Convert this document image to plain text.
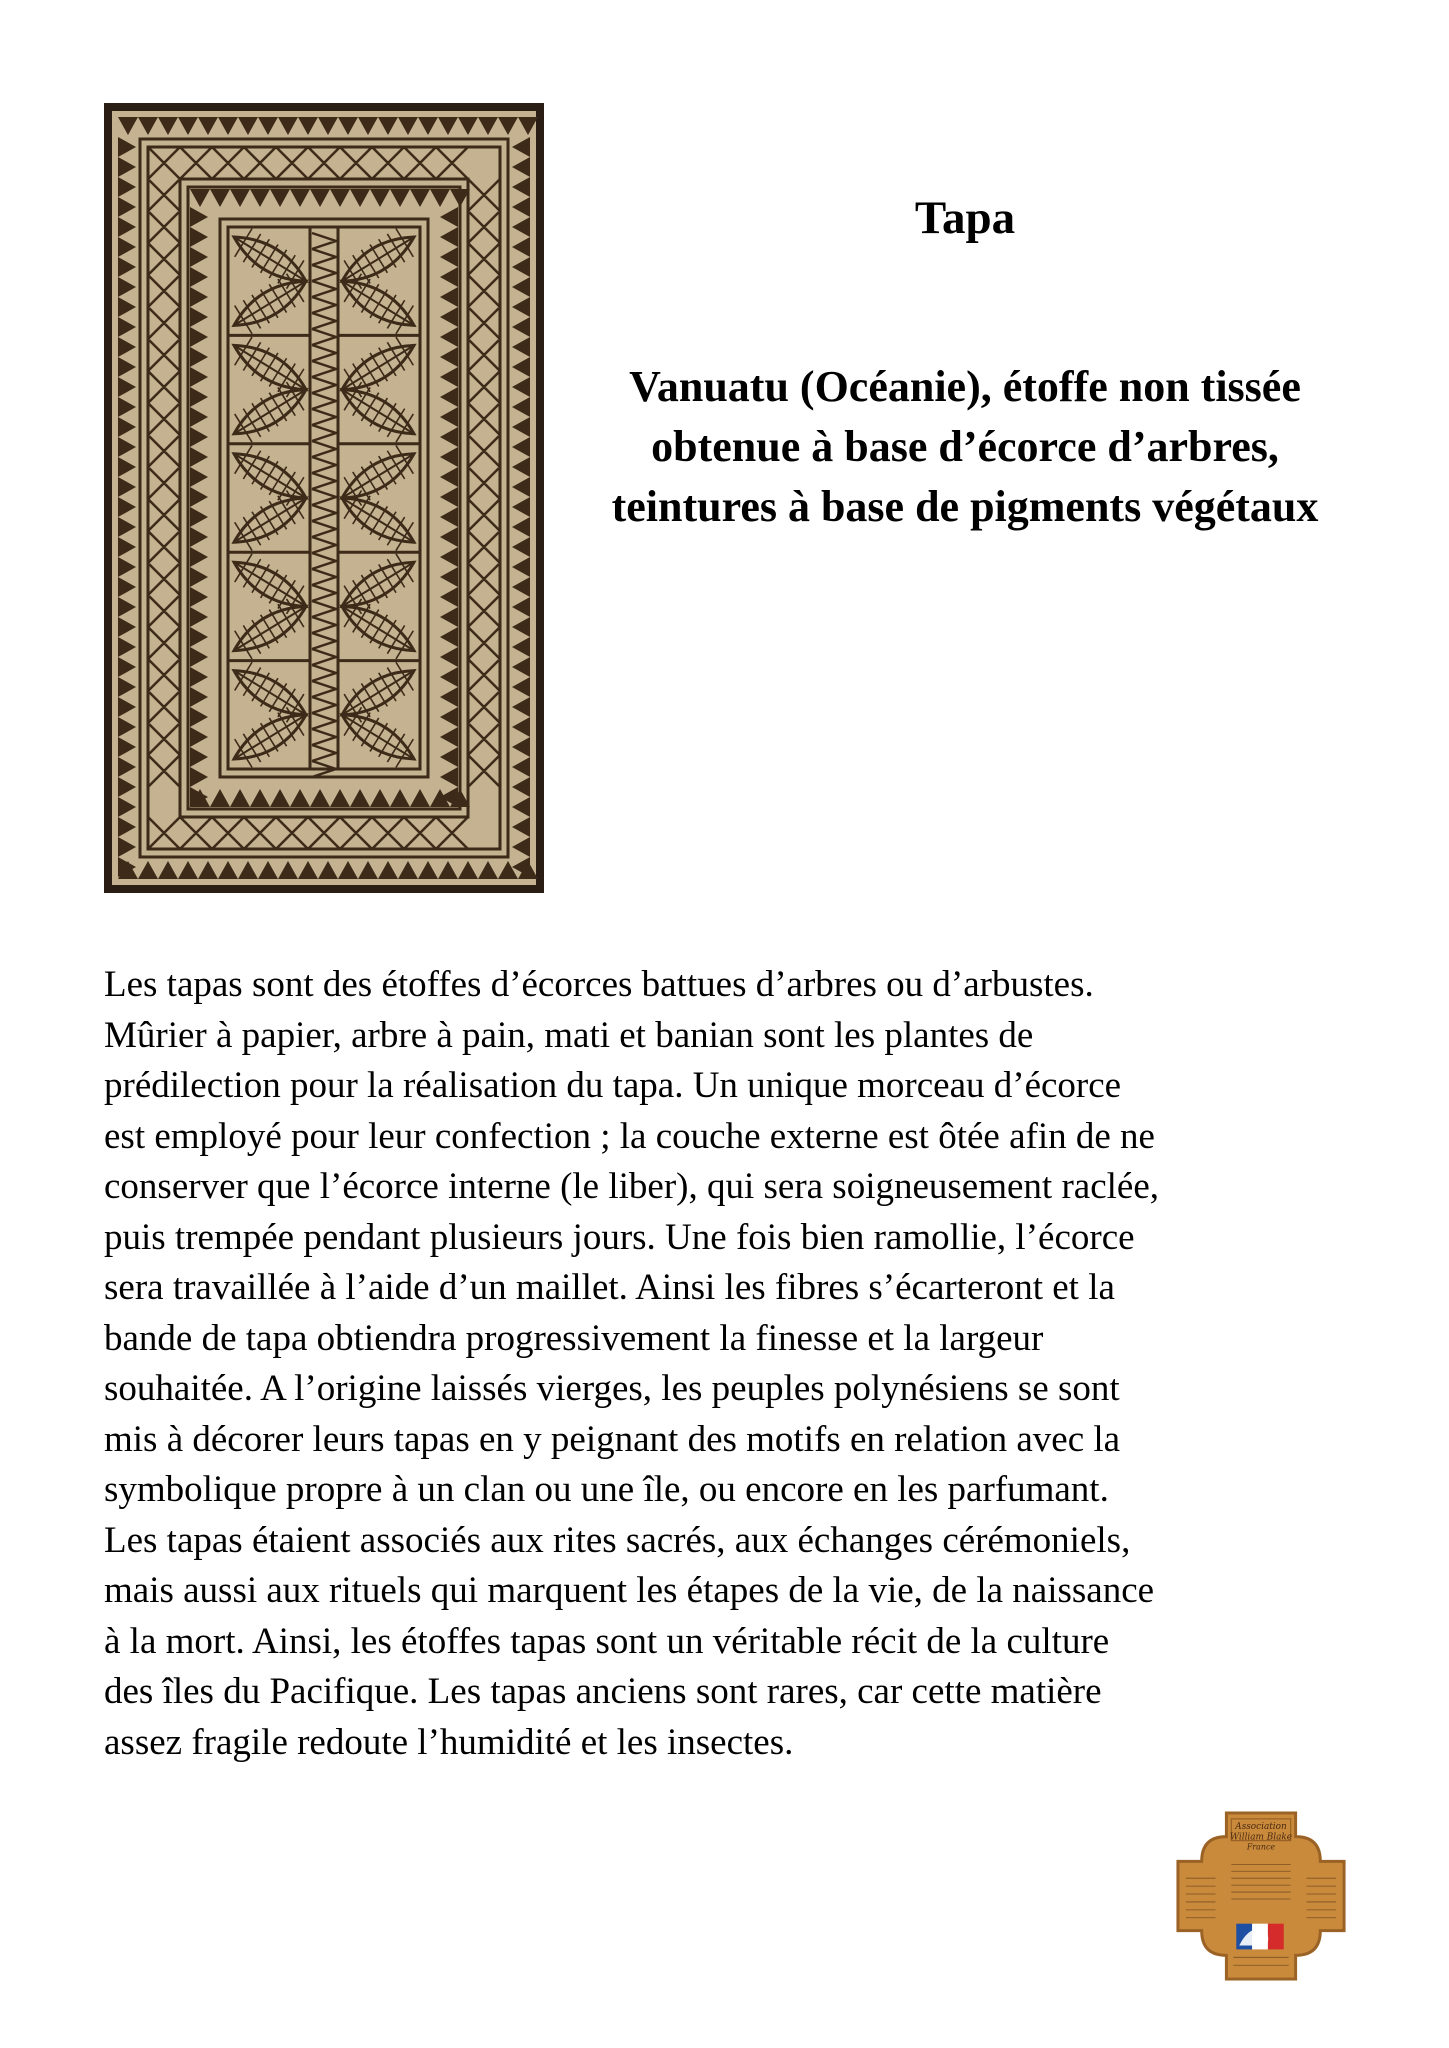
Tapa
Vanuatu (Océanie), étoffe non tissée
obtenue à base d’écorce d’arbres,
teintures à base de pigments végétaux
Les tapas sont des étoffes d’écorces battues d’arbres ou d’arbustes.
Mûrier à papier, arbre à pain, mati et banian sont les plantes de
prédilection pour la réalisation du tapa. Un unique morceau d’écorce
est employé pour leur confection ; la couche externe est ôtée afin de ne
conserver que l’écorce interne (le liber), qui sera soigneusement raclée,
puis trempée pendant plusieurs jours. Une fois bien ramollie, l’écorce
sera travaillée à l’aide d’un maillet. Ainsi les fibres s’écarteront et la
bande de tapa obtiendra progressivement la finesse et la largeur
souhaitée. A l’origine laissés vierges, les peuples polynésiens se sont
mis à décorer leurs tapas en y peignant des motifs en relation avec la
symbolique propre à un clan ou une île, ou encore en les parfumant.
Les tapas étaient associés aux rites sacrés, aux échanges cérémoniels,
mais aussi aux rituels qui marquent les étapes de la vie, de la naissance
à la mort. Ainsi, les étoffes tapas sont un véritable récit de la culture
des îles du Pacifique. Les tapas anciens sont rares, car cette matière
assez fragile redoute l’humidité et les insectes.
Association
William Blake
France
